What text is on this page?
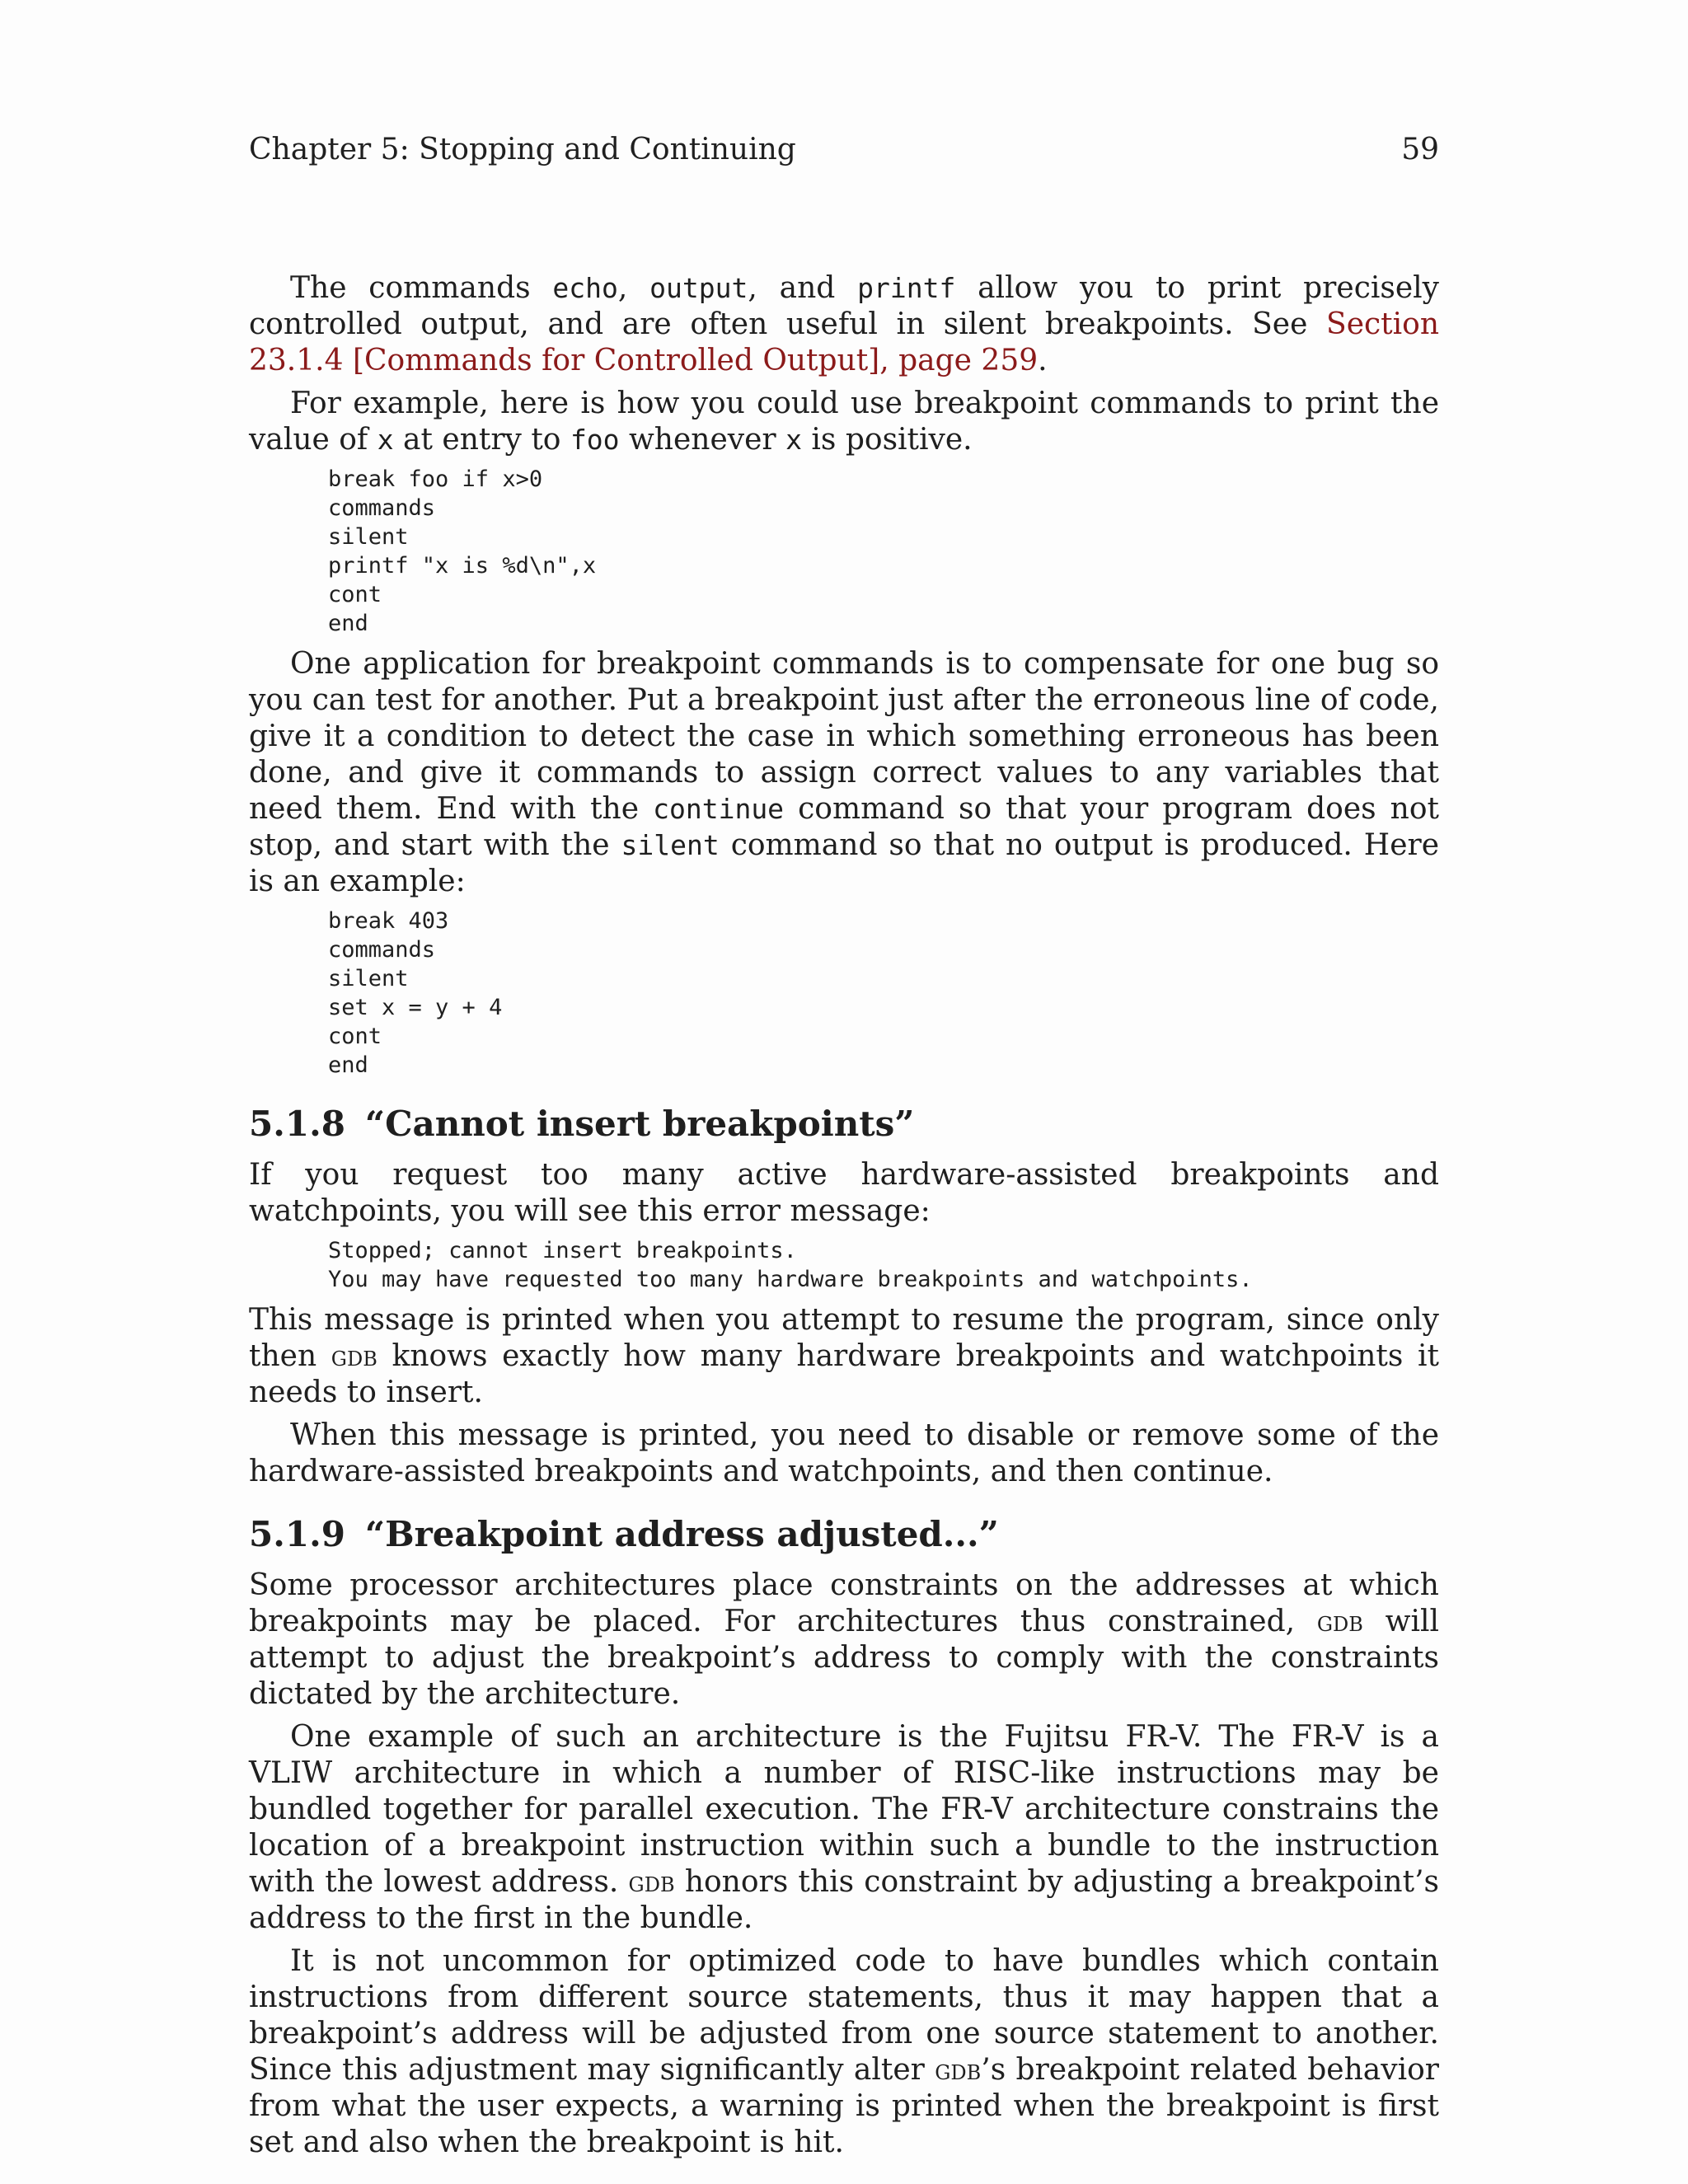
Chapter 5: Stopping and Continuing	59

The commands echo, output, and printf allow you to print precisely controlled output, and are often useful in silent breakpoints. See Section 23.1.4 [Commands for Controlled Output], page 259.

For example, here is how you could use breakpoint commands to print the value of x at entry to foo whenever x is positive.

break foo if x>0
commands
silent
printf "x is %d\n",x
cont
end

One application for breakpoint commands is to compensate for one bug so you can test for another. Put a breakpoint just after the erroneous line of code, give it a condition to detect the case in which something erroneous has been done, and give it commands to assign correct values to any variables that need them. End with the continue command so that your program does not stop, and start with the silent command so that no output is produced. Here is an example:

break 403
commands
silent
set x = y + 4
cont
end
5.1.8 “Cannot insert breakpoints”

If you request too many active hardware-assisted breakpoints and watchpoints, you will see this error message:

Stopped; cannot insert breakpoints.
You may have requested too many hardware breakpoints and watchpoints.

This message is printed when you attempt to resume the program, since only then gdb knows exactly how many hardware breakpoints and watchpoints it needs to insert.

When this message is printed, you need to disable or remove some of the hardware-assisted breakpoints and watchpoints, and then continue.

5.1.9 “Breakpoint address adjusted...”

Some processor architectures place constraints on the addresses at which breakpoints may be placed. For architectures thus constrained, gdb will attempt to adjust the breakpoint’s address to comply with the constraints dictated by the architecture.

One example of such an architecture is the Fujitsu FR-V. The FR-V is a VLIW architecture in which a number of RISC-like instructions may be bundled together for parallel execution. The FR-V architecture constrains the location of a breakpoint instruction within such a bundle to the instruction with the lowest address. gdb honors this constraint by adjusting a breakpoint’s address to the first in the bundle.

It is not uncommon for optimized code to have bundles which contain instructions from different source statements, thus it may happen that a breakpoint’s address will be adjusted from one source statement to another. Since this adjustment may significantly alter gdb’s breakpoint related behavior from what the user expects, a warning is printed when the breakpoint is first set and also when the breakpoint is hit.
